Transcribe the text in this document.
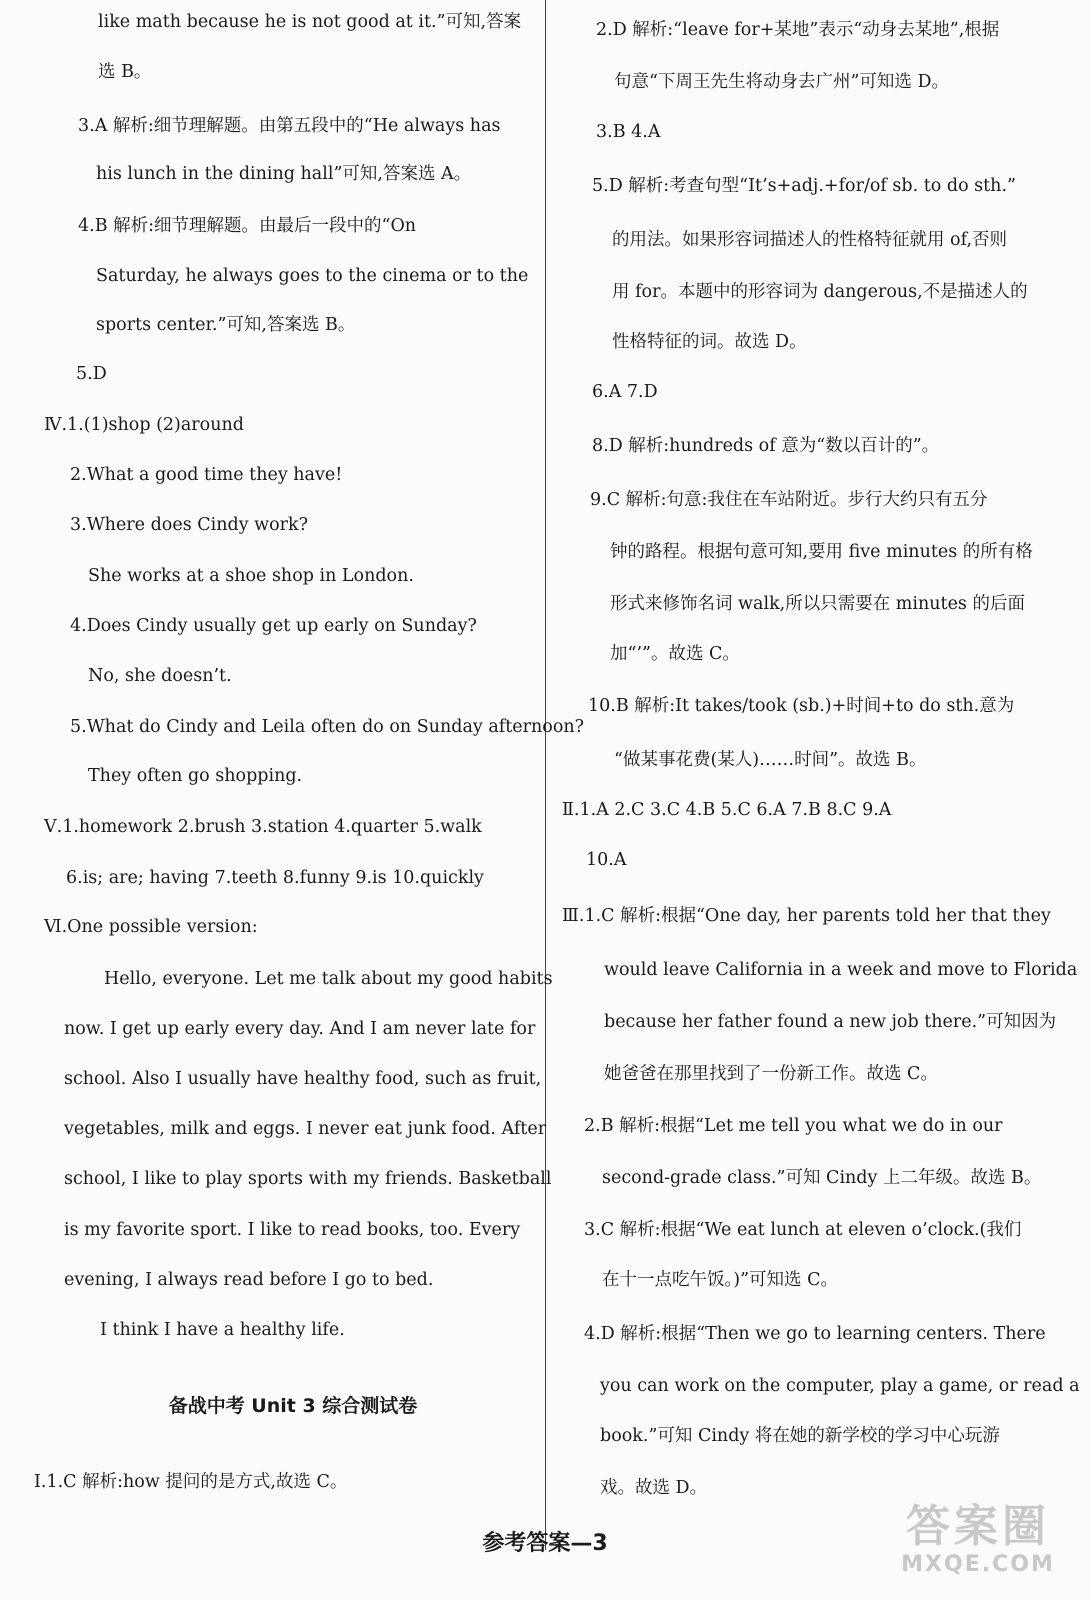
like math because he is not good at it.”可知,答案
选 B。
3.A 解析:细节理解题。由第五段中的“He always has
his lunch in the dining hall”可知,答案选 A。
4.B 解析:细节理解题。由最后一段中的“On
Saturday, he always goes to the cinema or to the
sports center.”可知,答案选 B。
5.D
Ⅳ.1.(1)shop (2)around
2.What a good time they have!
3.Where does Cindy work?
She works at a shoe shop in London.
4.Does Cindy usually get up early on Sunday?
No, she doesn’t.
5.What do Cindy and Leila often do on Sunday afternoon?
They often go shopping.
Ⅴ.1.homework 2.brush 3.station 4.quarter 5.walk
6.is; are; having 7.teeth 8.funny 9.is 10.quickly
Ⅵ.One possible version:
Hello, everyone. Let me talk about my good habits
now. I get up early every day. And I am never late for
school. Also I usually have healthy food, such as fruit,
vegetables, milk and eggs. I never eat junk food. After
school, I like to play sports with my friends. Basketball
is my favorite sport. I like to read books, too. Every
evening, I always read before I go to bed.
I think I have a healthy life.
备战中考 Unit 3 综合测试卷
Ⅰ.1.C 解析:how 提问的是方式,故选 C。
2.D 解析:“leave for+某地”表示“动身去某地”,根据
句意“下周王先生将动身去广州”可知选 D。
3.B 4.A
5.D 解析:考查句型“It’s+adj.+for/of sb. to do sth.”
的用法。如果形容词描述人的性格特征就用 of,否则
用 for。本题中的形容词为 dangerous,不是描述人的
性格特征的词。故选 D。
6.A 7.D
8.D 解析:hundreds of 意为“数以百计的”。
9.C 解析:句意:我住在车站附近。步行大约只有五分
钟的路程。根据句意可知,要用 five minutes 的所有格
形式来修饰名词 walk,所以只需要在 minutes 的后面
加“’”。故选 C。
10.B 解析:It takes/took (sb.)+时间+to do sth.意为
“做某事花费(某人)……时间”。故选 B。
Ⅱ.1.A 2.C 3.C 4.B 5.C 6.A 7.B 8.C 9.A
10.A
Ⅲ.1.C 解析:根据“One day, her parents told her that they
would leave California in a week and move to Florida
because her father found a new job there.”可知因为
她爸爸在那里找到了一份新工作。故选 C。
2.B 解析:根据“Let me tell you what we do in our
second-grade class.”可知 Cindy 上二年级。故选 B。
3.C 解析:根据“We eat lunch at eleven o’clock.(我们
在十一点吃午饭。)”可知选 C。
4.D 解析:根据“Then we go to learning centers. There
you can work on the computer, play a game, or read a
book.”可知 Cindy 将在她的新学校的学习中心玩游
戏。故选 D。
参考答案—3	答案圈
MXQE.COM
